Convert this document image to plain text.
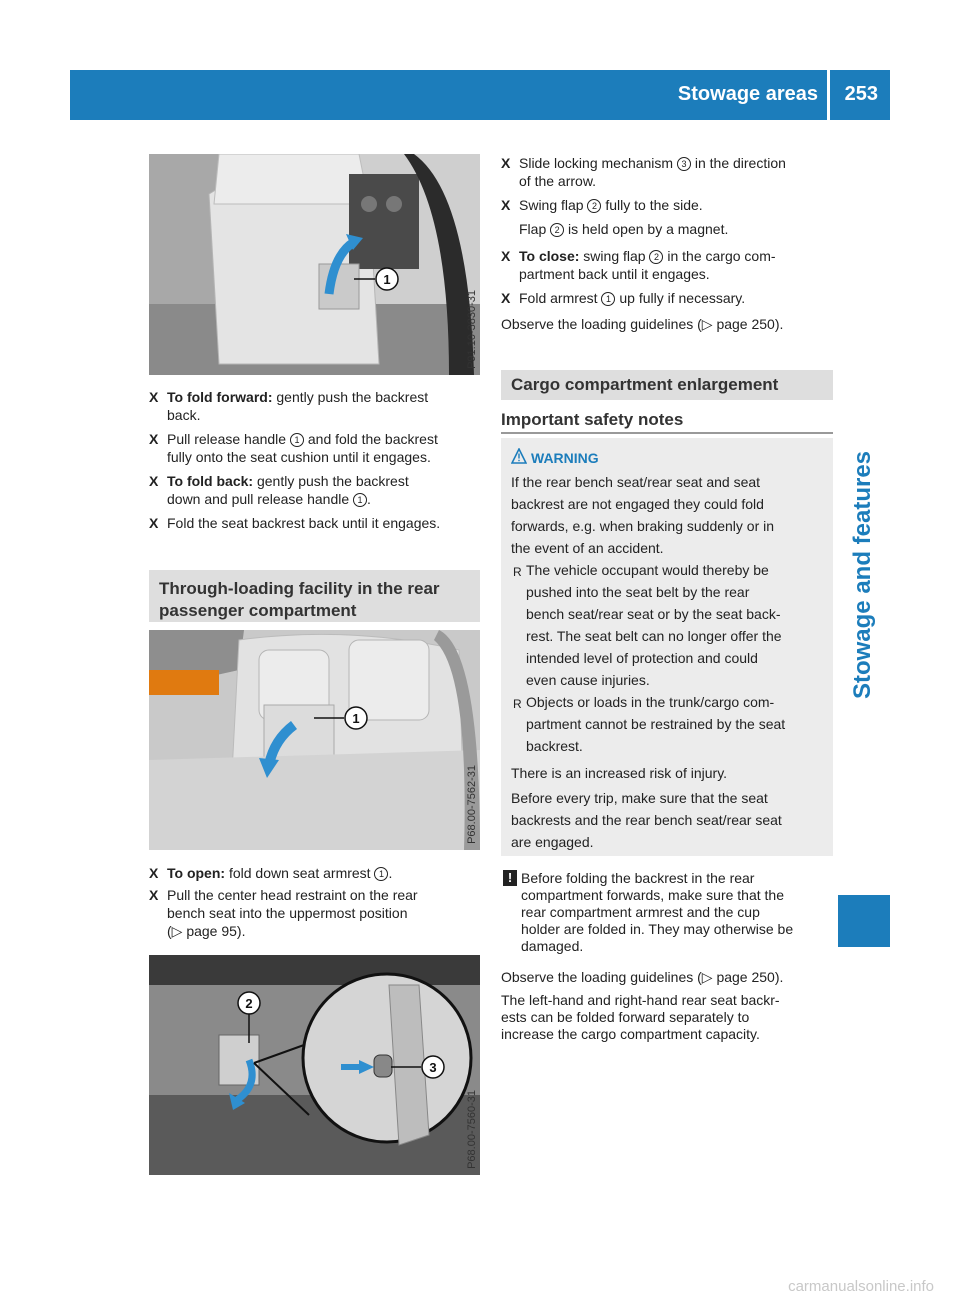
Stowage areas 253
Stowage and features
1
P91.10-3830-31
X To fold forward: gently push the backrest
back.
X Pull release handle 1 and fold the backrest
fully onto the seat cushion until it engages.
X To fold back: gently push the backrest
down and pull release handle 1 .
X Fold the seat backrest back until it engages.
Through-loading facility in the rear
passenger compartment
1
P68.00-7562-31
X To open: fold down seat armrest 1 .
X Pull the center head restraint on the rear
bench seat into the uppermost position
(▷ page 95).
3
2
P68.00-7560-31
X Slide locking mechanism 3 in the direction
of the arrow.
X Swing flap 2 fully to the side.
Flap 2 is held open by a magnet.
X To close: swing flap 2 in the cargo com-
partment back until it engages.
X Fold armrest 1 up fully if necessary.
Observe the loading guidelines (▷ page 250).
Cargo compartment enlargement
Important safety notes
WARNING
If the rear bench seat/rear seat and seat
backrest are not engaged they could fold
forwards, e.g. when braking suddenly or in
the event of an accident.
R The vehicle occupant would thereby be
pushed into the seat belt by the rear
bench seat/rear seat or by the seat back-
rest. The seat belt can no longer offer the
intended level of protection and could
even cause injuries.
R Objects or loads in the trunk/cargo com-
partment cannot be restrained by the seat
backrest.
There is an increased risk of injury.
Before every trip, make sure that the seat
backrests and the rear bench seat/rear seat
are engaged.
! Before folding the backrest in the rear
compartment forwards, make sure that the
rear compartment armrest and the cup
holder are folded in. They may otherwise be
damaged.
Observe the loading guidelines (▷ page 250).
The left-hand and right-hand rear seat backr-
ests can be folded forward separately to
increase the cargo compartment capacity.
carmanualsonline.info
